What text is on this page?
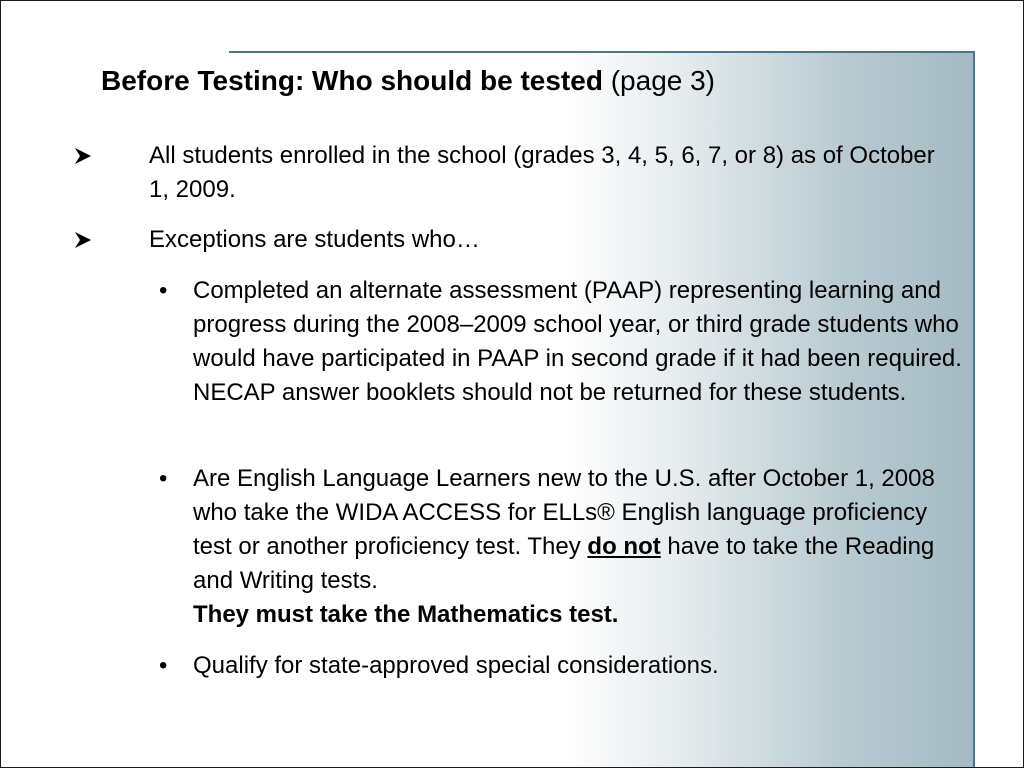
Before Testing: Who should be tested (page 3)
All students enrolled in the school (grades 3, 4, 5, 6, 7, or 8) as of October 1, 2009.
Exceptions are students who…
•	Completed an alternate assessment (PAAP) representing learning and progress during the 2008–2009 school year, or third grade students who would have participated in PAAP in second grade if it had been required. NECAP answer booklets should not be returned for these students.
•	Are English Language Learners new to the U.S. after October 1, 2008 who take the WIDA ACCESS for ELLs® English language proficiency test or another proficiency test. They do not have to take the Reading and Writing tests.
They must take the Mathematics test.
•	Qualify for state-approved special considerations.
